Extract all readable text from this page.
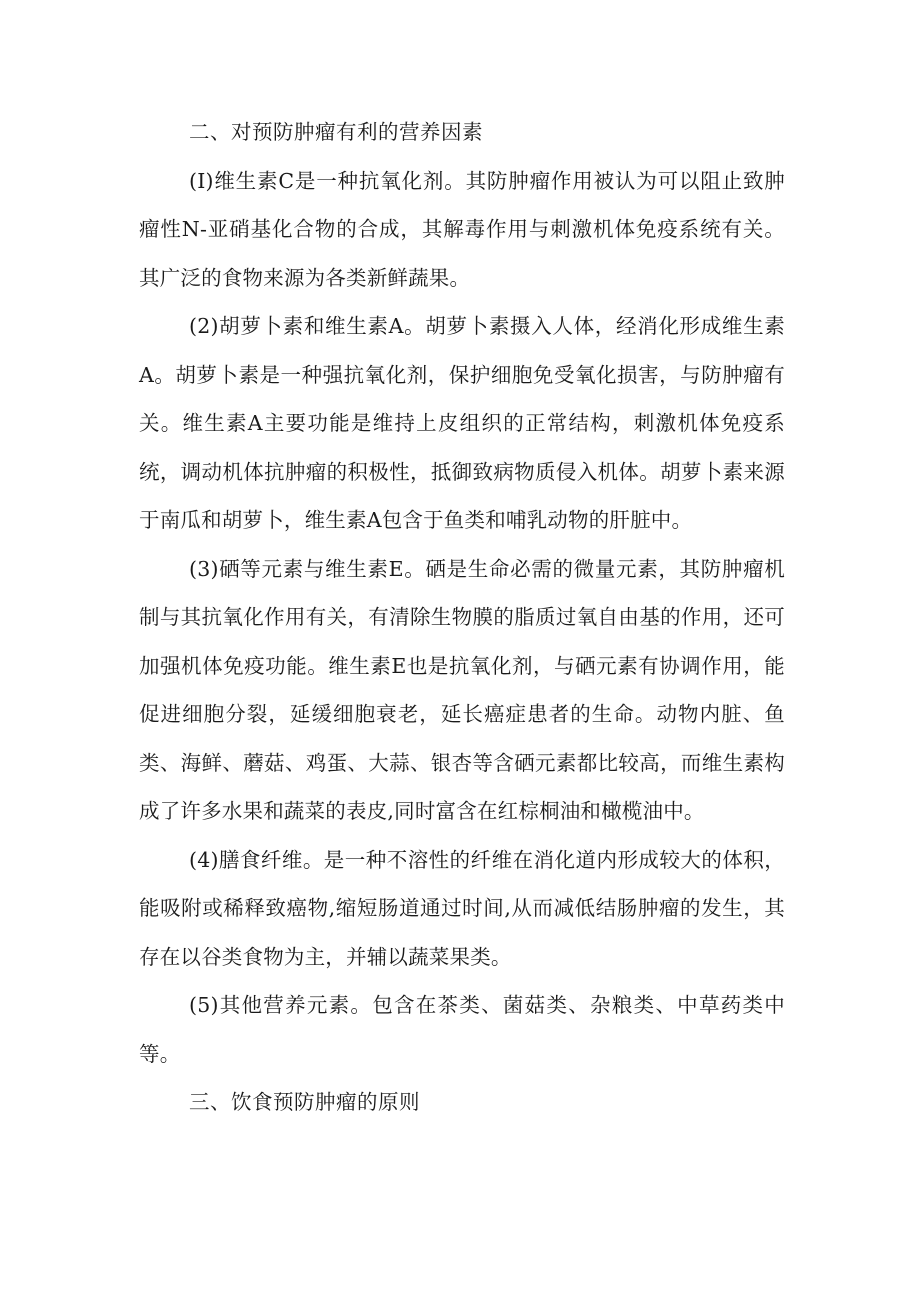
二、对预防肿瘤有利的营养因素

(I)维生素C是一种抗氧化剂。其防肿瘤作用被认为可以阻止致肿瘤性N-亚硝基化合物的合成，其解毒作用与刺激机体免疫系统有关。其广泛的食物来源为各类新鲜蔬果。

(2)胡萝卜素和维生素A。胡萝卜素摄入人体，经消化形成维生素A。胡萝卜素是一种强抗氧化剂，保护细胞免受氧化损害，与防肿瘤有关。维生素A主要功能是维持上皮组织的正常结构，刺激机体免疫系统，调动机体抗肿瘤的积极性，抵御致病物质侵入机体。胡萝卜素来源于南瓜和胡萝卜，维生素A包含于鱼类和哺乳动物的肝脏中。

(3)硒等元素与维生素E。硒是生命必需的微量元素，其防肿瘤机制与其抗氧化作用有关，有清除生物膜的脂质过氧自由基的作用，还可加强机体免疫功能。维生素E也是抗氧化剂，与硒元素有协调作用，能促进细胞分裂，延缓细胞衰老，延长癌症患者的生命。动物内脏、鱼类、海鲜、蘑菇、鸡蛋、大蒜、银杏等含硒元素都比较高，而维生素构成了许多水果和蔬菜的表皮,同时富含在红棕桐油和橄榄油中。

(4)膳食纤维。是一种不溶性的纤维在消化道内形成较大的体积，能吸附或稀释致癌物,缩短肠道通过时间,从而减低结肠肿瘤的发生，其存在以谷类食物为主，并辅以蔬菜果类。

(5)其他营养元素。包含在茶类、菌菇类、杂粮类、中草药类中等。

三、饮食预防肿瘤的原则
